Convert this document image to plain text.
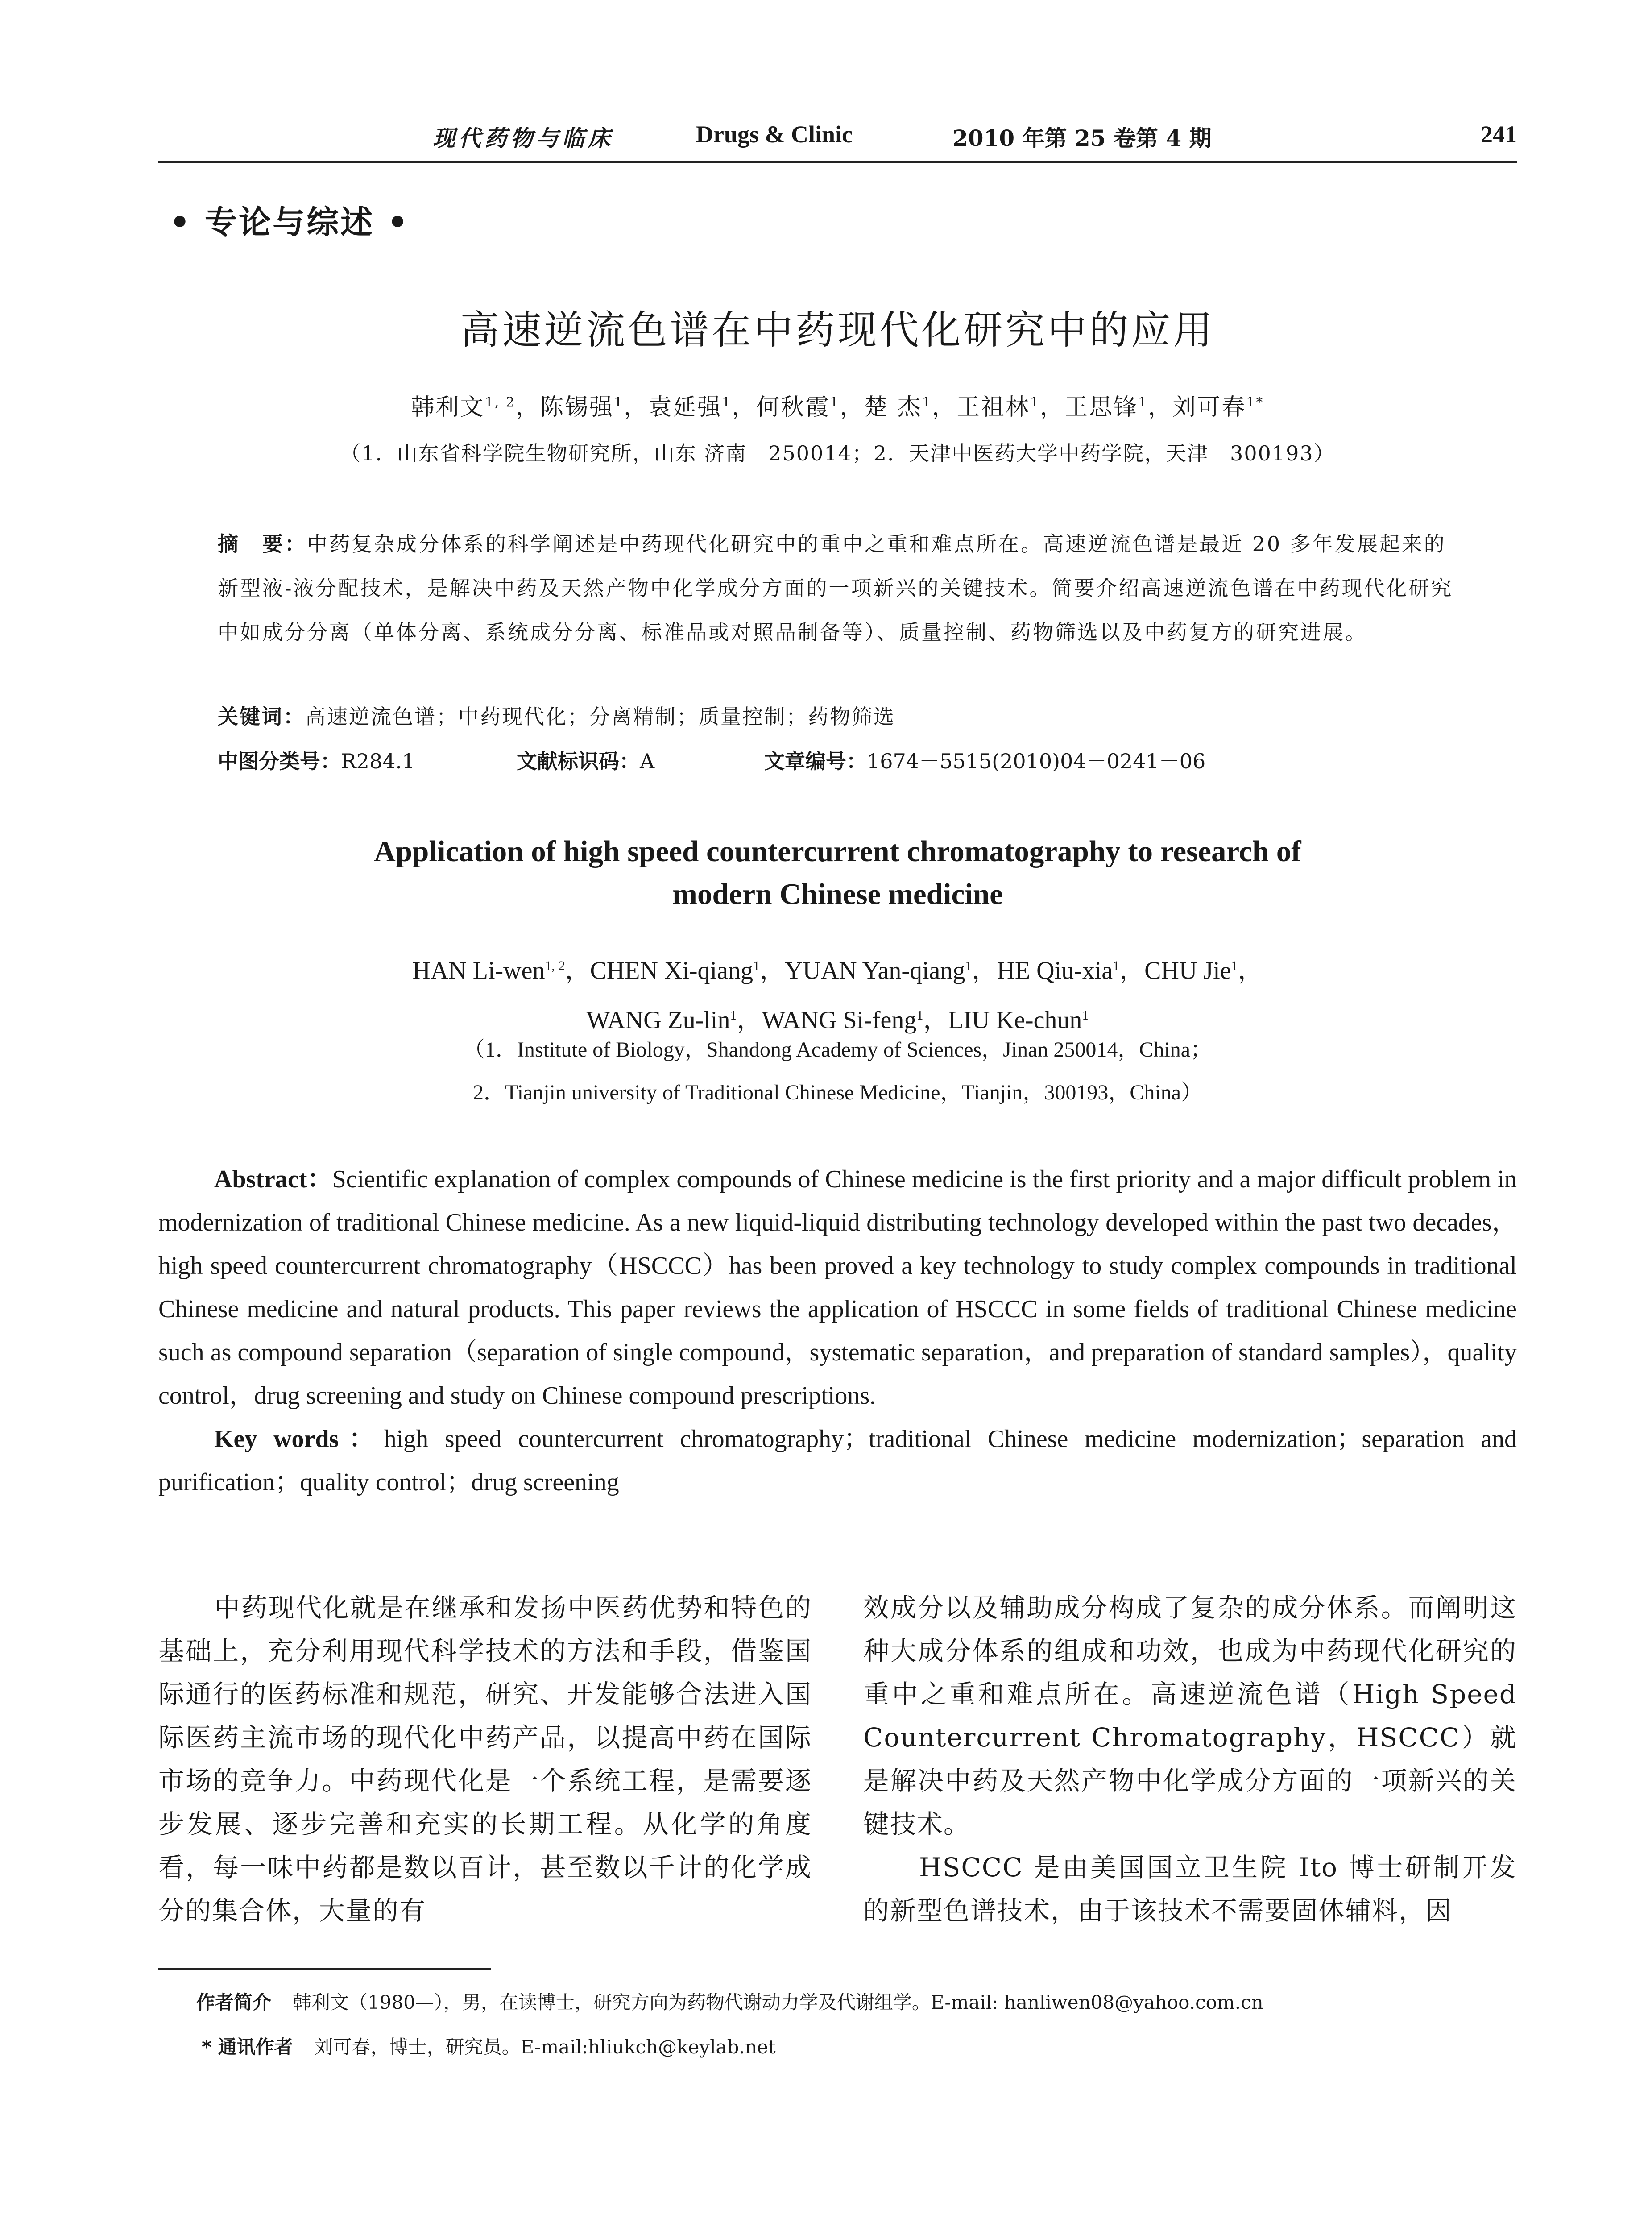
现代药物与临床	Drugs & Clinic	2010 年第 25 卷第 4 期	241
• 专论与综述 •
高速逆流色谱在中药现代化研究中的应用
韩利文$^{1, 2}$，陈锡强$^1$，袁延强$^1$，何秋霞$^1$，楚 杰$^1$，王祖林$^1$，王思锋$^1$，刘可春$^{1*}$
（1．山东省科学院生物研究所，山东 济南　250014；2．天津中医药大学中药学院，天津　300193）
摘　要：中药复杂成分体系的科学阐述是中药现代化研究中的重中之重和难点所在。高速逆流色谱是最近 20 多年发展起来的新型液-液分配技术，是解决中药及天然产物中化学成分方面的一项新兴的关键技术。简要介绍高速逆流色谱在中药现代化研究中如成分分离（单体分离、系统成分分离、标准品或对照品制备等）、质量控制、药物筛选以及中药复方的研究进展。
关键词：高速逆流色谱；中药现代化；分离精制；质量控制；药物筛选
中图分类号：R284.1	文献标识码：A	文章编号：1674－5515(2010)04－0241－06
Application of high speed countercurrent chromatography to research of
modern Chinese medicine
HAN Li-wen$^{1, 2}$，CHEN Xi-qiang$^1$，YUAN Yan-qiang$^1$，HE Qiu-xia$^1$，CHU Jie$^1$，
WANG Zu-lin$^1$，WANG Si-feng$^1$，LIU Ke-chun$^1$
（1．Institute of Biology，Shandong Academy of Sciences，Jinan 250014，China；
2．Tianjin university of Traditional Chinese Medicine，Tianjin，300193，China）

Abstract：Scientific explanation of complex compounds of Chinese medicine is the first priority and a major difficult problem in modernization of traditional Chinese medicine. As a new liquid-liquid distributing technology developed within the past two decades，high speed countercurrent chromatography（HSCCC）has been proved a key technology to study complex compounds in traditional Chinese medicine and natural products. This paper reviews the application of HSCCC in some fields of traditional Chinese medicine such as compound separation（separation of single compound，systematic separation，and preparation of standard samples），quality control，drug screening and study on Chinese compound prescriptions.

Key words：high speed countercurrent chromatography；traditional Chinese medicine modernization；separation and purification；quality control；drug screening

中药现代化就是在继承和发扬中医药优势和特色的基础上，充分利用现代科学技术的方法和手段，借鉴国际通行的医药标准和规范，研究、开发能够合法进入国际医药主流市场的现代化中药产品，以提高中药在国际市场的竞争力。中药现代化是一个系统工程，是需要逐步发展、逐步完善和充实的长期工程。从化学的角度看，每一味中药都是数以百计，甚至数以千计的化学成分的集合体，大量的有

效成分以及辅助成分构成了复杂的成分体系。而阐明这种大成分体系的组成和功效，也成为中药现代化研究的重中之重和难点所在。高速逆流色谱（High Speed Countercurrent Chromatography，HSCCC）就是解决中药及天然产物中化学成分方面的一项新兴的关键技术。

HSCCC 是由美国国立卫生院 Ito 博士研制开发的新型色谱技术，由于该技术不需要固体辅料，因

作者简介 韩利文（1980—），男，在读博士，研究方向为药物代谢动力学及代谢组学。E-mail: hanliwen08@yahoo.com.cn
* 通讯作者 刘可春，博士，研究员。E-mail:hliukch@keylab.net
